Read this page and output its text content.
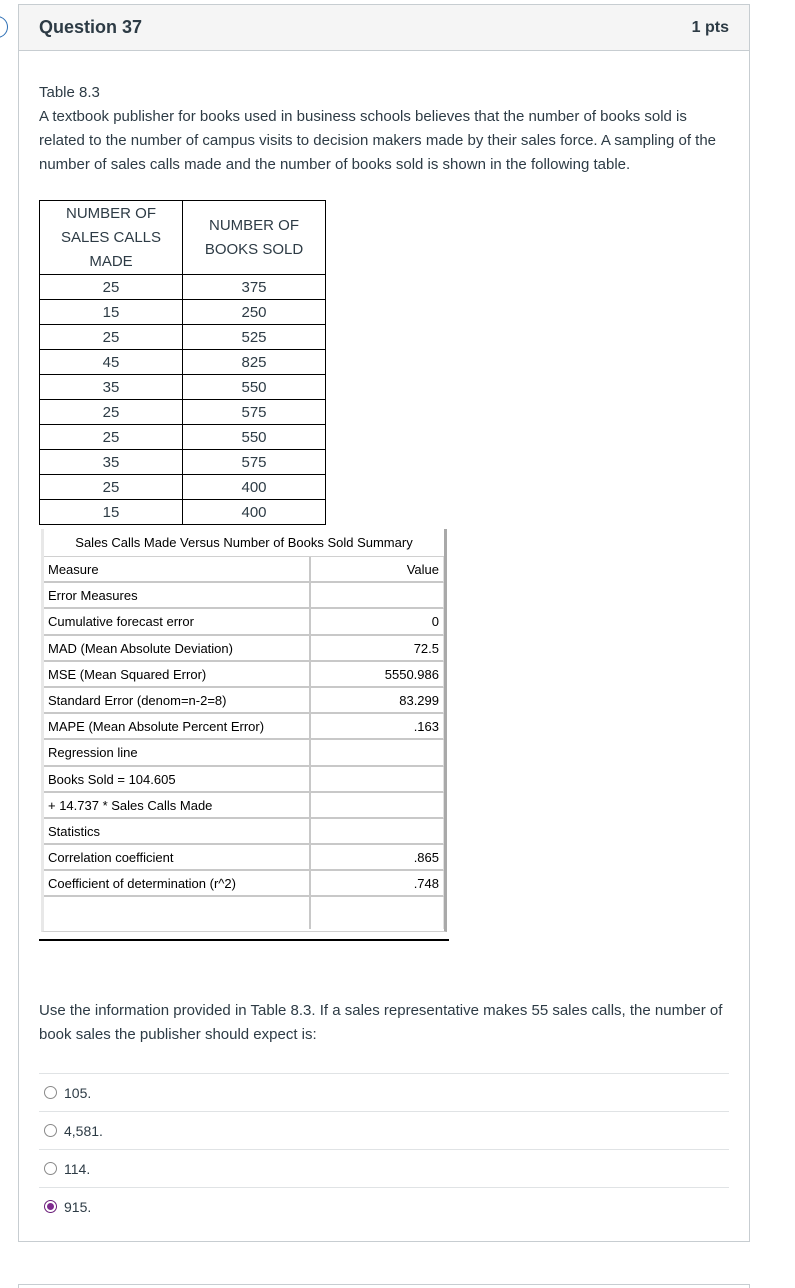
Question 37	1 pts

Table 8.3

A textbook publisher for books used in business schools believes that the number of books sold is related to the number of campus visits to decision makers made by their sales force. A sampling of the number of sales calls made and the number of books sold is shown in the following table.

NUMBER OF SALES CALLS MADE	NUMBER OF BOOKS SOLD
25	375
15	250
25	525
45	825
35	550
25	575
25	550
35	575
25	400
15	400
Sales Calls Made Versus Number of Books Sold Summary
Measure	Value
Error Measures
Cumulative forecast error	0
MAD (Mean Absolute Deviation)	72.5
MSE (Mean Squared Error)	5550.986
Standard Error (denom=n-2=8)	83.299
MAPE (Mean Absolute Percent Error)	.163
Regression line
Books Sold = 104.605
+ 14.737 * Sales Calls Made
Statistics
Correlation coefficient	.865
Coefficient of determination (r^2)	.748
Use the information provided in Table 8.3. If a sales representative makes 55 sales calls, the number of book sales the publisher should expect is:
105.
4,581.
114.
915.
